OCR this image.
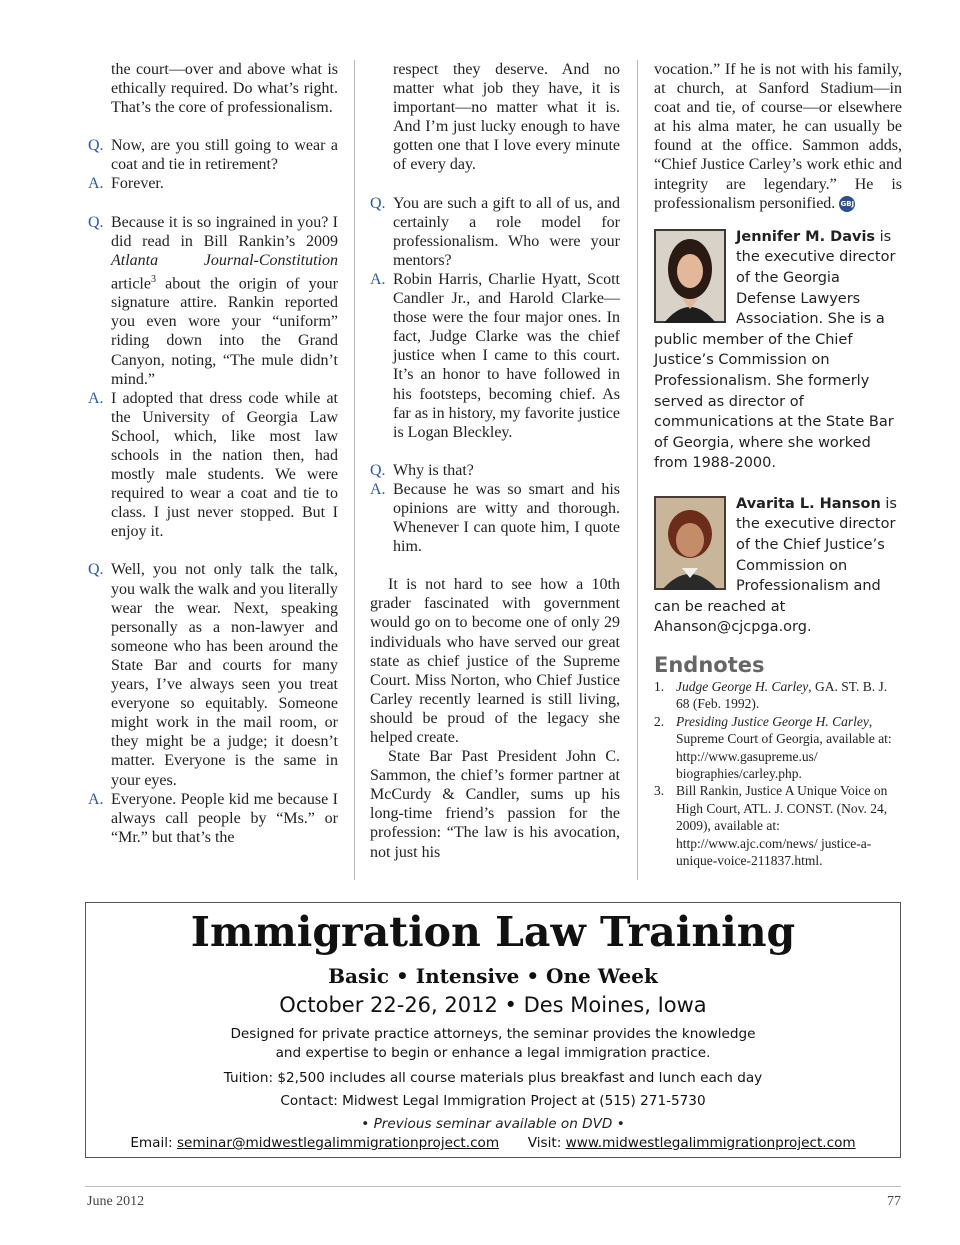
the court—over and above what is ethically required. Do what’s right. That’s the core of professionalism.

Q. Now, are you still going to wear a coat and tie in retirement?

A. Forever.

Q. Because it is so ingrained in you? I did read in Bill Rankin’s 2009 Atlanta Journal-Constitution article$^3$ about the origin of your signature attire. Rankin reported you even wore your “uniform” riding down into the Grand Canyon, noting, “The mule didn’t mind.”

A. I adopted that dress code while at the University of Georgia Law School, which, like most law schools in the nation then, had mostly male students. We were required to wear a coat and tie to class. I just never stopped. But I enjoy it.

Q. Well, you not only talk the talk, you walk the walk and you literally wear the wear. Next, speaking personally as a non-lawyer and someone who has been around the State Bar and courts for many years, I’ve always seen you treat everyone so equitably. Someone might work in the mail room, or they might be a judge; it doesn’t matter. Everyone is the same in your eyes.

A. Everyone. People kid me because I always call people by “Ms.” or “Mr.” but that’s the

respect they deserve. And no matter what job they have, it is important—no matter what it is. And I’m just lucky enough to have gotten one that I love every minute of every day.

Q. You are such a gift to all of us, and certainly a role model for professionalism. Who were your mentors?

A. Robin Harris, Charlie Hyatt, Scott Candler Jr., and Harold Clarke—those were the four major ones. In fact, Judge Clarke was the chief justice when I came to this court. It’s an honor to have followed in his footsteps, becoming chief. As far as in history, my favorite justice is Logan Bleckley.

Q. Why is that?

A. Because he was so smart and his opinions are witty and thorough. Whenever I can quote him, I quote him.

It is not hard to see how a 10th grader fascinated with government would go on to become one of only 29 individuals who have served our great state as chief justice of the Supreme Court. Miss Norton, who Chief Justice Carley recently learned is still living, should be proud of the legacy she helped create.

State Bar Past President John C. Sammon, the chief’s former partner at McCurdy & Candler, sums up his long-time friend’s passion for the profession: “The law is his avocation, not just his

vocation.” If he is not with his family, at church, at Sanford Stadium—in coat and tie, of course—or elsewhere at his alma mater, he can usually be found at the office. Sammon adds, “Chief Justice Carley’s work ethic and integrity are legendary.” He is professionalism personified. GBJ

Jennifer M. Davis is the executive director of the Georgia Defense Lawyers Association. She is a public member of the Chief Justice’s Commission on Professionalism. She formerly served as director of communications at the State Bar of Georgia, where she worked from 1988-2000.
Avarita L. Hanson is the executive director of the Chief Justice’s Commission on Professionalism and can be reached at Ahanson@cjcpga.org.

Endnotes

1. Judge George H. Carley, GA. ST. B. J. 68 (Feb. 1992).

2. Presiding Justice George H. Carley, Supreme Court of Georgia, available at: http://www.gasupreme.us/ biographies/carley.php.

3. Bill Rankin, Justice A Unique Voice on High Court, ATL. J. CONST. (Nov. 24, 2009), available at: http://www.ajc.com/news/ justice-a-unique-voice-211837.html.

Immigration Law Training
Basic • Intensive • One Week
October 22-26, 2012 • Des Moines, Iowa
Designed for private practice attorneys, the seminar provides the knowledge
and expertise to begin or enhance a legal immigration practice.
Tuition: $2,500 includes all course materials plus breakfast and lunch each day
Contact: Midwest Legal Immigration Project at (515) 271-5730
• Previous seminar available on DVD •
Email: seminar@midwestlegalimmigrationproject.com Visit: www.midwestlegalimmigrationproject.com
June 2012	77
